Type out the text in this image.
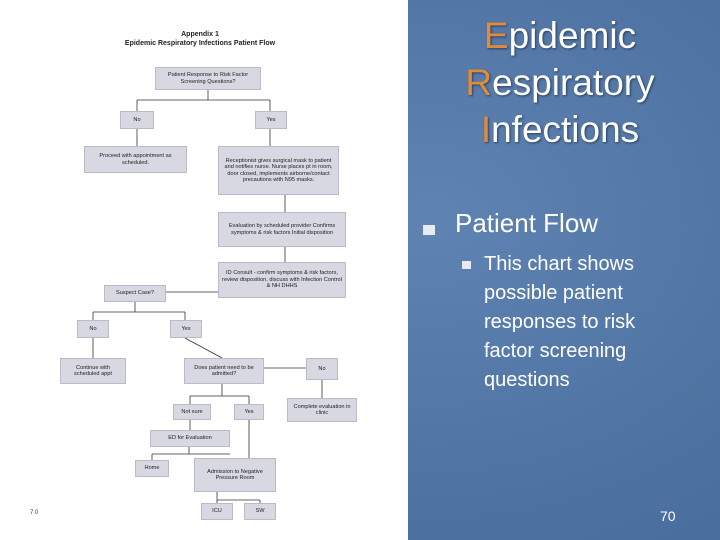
Appendix 1
Epidemic Respiratory Infections Patient Flow
Patient Response to Risk Factor Screening Questions?
No	Yes
Proceed with appointment as scheduled.	Receptionist gives surgical mask to patient and notifies nurse. Nurse places pt in room, door closed, implements airborne/contact precautions with N95 masks.
Evaluation by scheduled provider Confirms symptoms & risk factors Initial disposition
ID Consult - confirm symptoms & risk factors, review disposition, discuss with Infection Control & NH DHHS
Suspect Case?
No	Yes
Continue with scheduled appt
Does patient need to be admitted?
No
Not sure	Yes
Complete evaluation in clinic
ED for Evaluation
Home
Admission to Negative Pressure Room
ICU	SW
7 0
Epidemic
Respiratory
Infections
Patient Flow
This chart shows possible patient responses to risk factor screening questions
70
